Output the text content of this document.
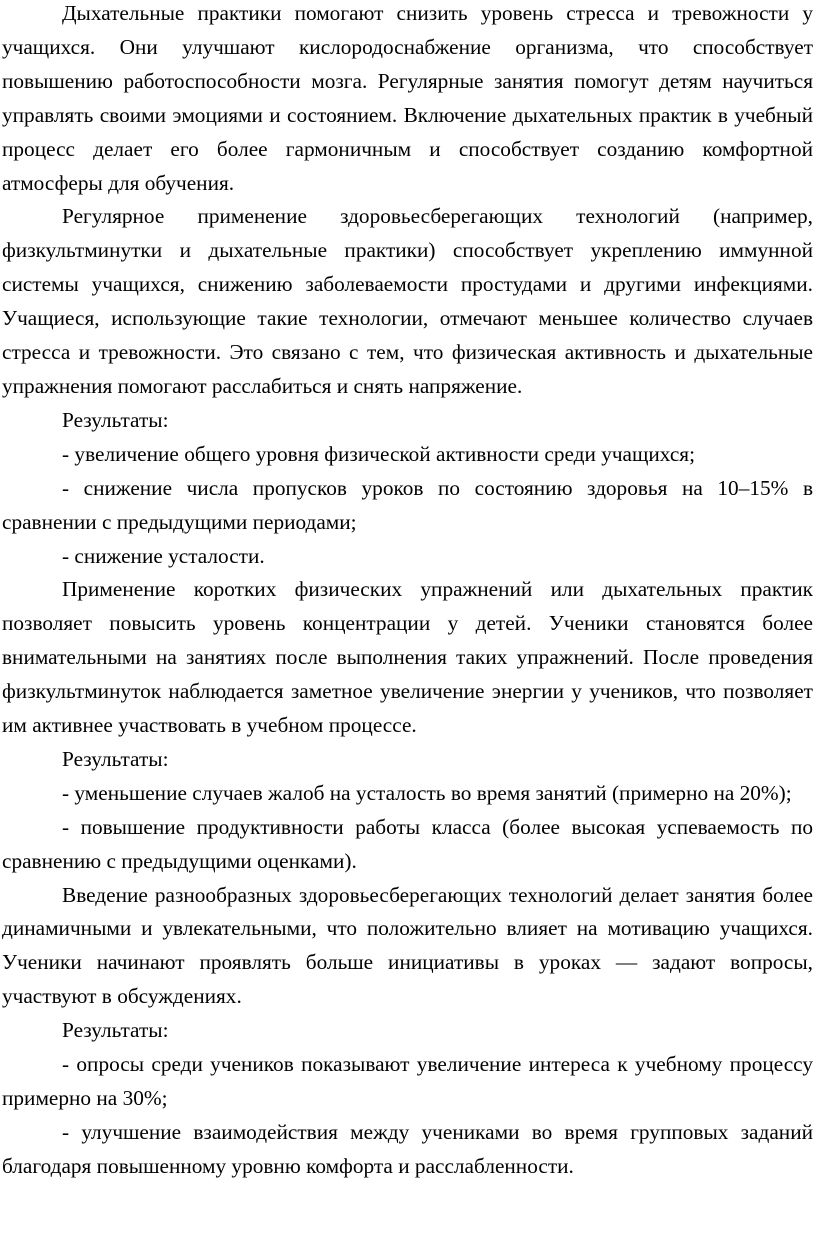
Дыхательные практики помогают снизить уровень стресса и тревожности у учащихся. Они улучшают кислородоснабжение организма, что способствует повышению работоспособности мозга. Регулярные занятия помогут детям научиться управлять своими эмоциями и состоянием. Включение дыхательных практик в учебный процесс делает его более гармоничным и способствует созданию комфортной атмосферы для обучения.

Регулярное применение здоровьесберегающих технологий (например, физкультминутки и дыхательные практики) способствует укреплению иммунной системы учащихся, снижению заболеваемости простудами и другими инфекциями. Учащиеся, использующие такие технологии, отмечают меньшее количество случаев стресса и тревожности. Это связано с тем, что физическая активность и дыхательные упражнения помогают расслабиться и снять напряжение.

Результаты:

- увеличение общего уровня физической активности среди учащихся;

- снижение числа пропусков уроков по состоянию здоровья на 10–15% в сравнении с предыдущими периодами;

- снижение усталости.

Применение коротких физических упражнений или дыхательных практик позволяет повысить уровень концентрации у детей. Ученики становятся более внимательными на занятиях после выполнения таких упражнений. После проведения физкультминуток наблюдается заметное увеличение энергии у учеников, что позволяет им активнее участвовать в учебном процессе.

Результаты:

- уменьшение случаев жалоб на усталость во время занятий (примерно на 20%);

- повышение продуктивности работы класса (более высокая успеваемость по сравнению с предыдущими оценками).

Введение разнообразных здоровьесберегающих технологий делает занятия более динамичными и увлекательными, что положительно влияет на мотивацию учащихся. Ученики начинают проявлять больше инициативы в уроках — задают вопросы, участвуют в обсуждениях.

Результаты:

- опросы среди учеников показывают увеличение интереса к учебному процессу примерно на 30%;

- улучшение взаимодействия между учениками во время групповых заданий благодаря повышенному уровню комфорта и расслабленности.
